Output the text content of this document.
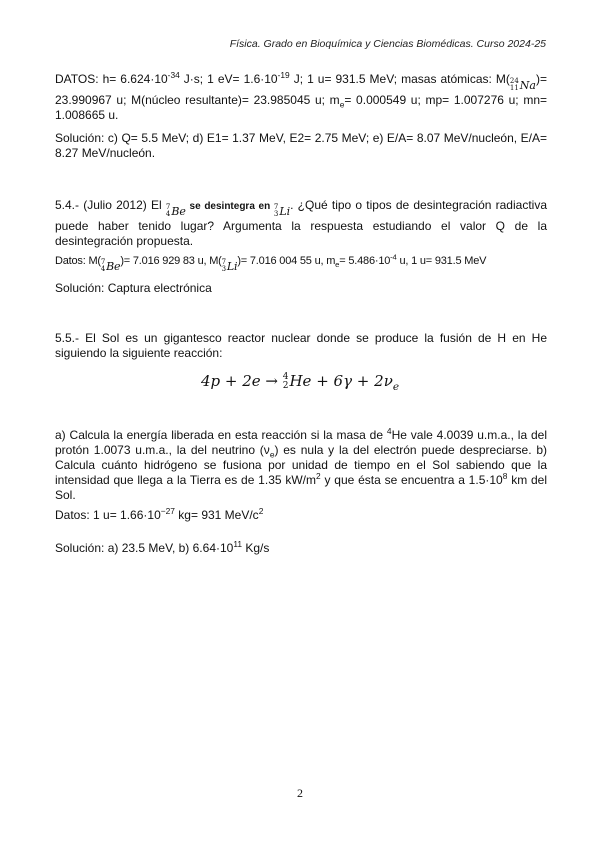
Física. Grado en Bioquímica y Ciencias Biomédicas. Curso 2024-25
DATOS: $h= 6.624\cdot 10^{-34}$ J·s; 1 $eV= 1.6\cdot 10^{-19}$ J; 1 u= 931.5 MeV; masas atómicas: M( 24
11 Na )= 23.990967 u; M(núcleo resultante)= 23.985045 u; $m_e= 0.000549$ u; mp= 1.007276 u; mn= 1.008665 u.
Solución: c) Q= 5.5 MeV; d) E1= 1.37 MeV, E2= 2.75 MeV; e) E/A= 8.07 MeV/nucleón, E/A= 8.27 MeV/nucleón.
5.4.- (Julio 2012) El 7
4 Be se desintegra en 7
3 Li . ¿Qué tipo o tipos de desintegración radiactiva puede haber tenido lugar? Argumenta la respuesta estudiando el valor Q de la desintegración propuesta.
Datos: M( 7
4 Be )= 7.016 929 83 u, M( 7
3 Li )= 7.016 004 55 u, $m_e= 5.486\cdot 10^{-4}$ u, 1 u= 931.5 MeV
Solución: Captura electrónica
5.5.- El Sol es un gigantesco reactor nuclear donde se produce la fusión de H en He siguiendo la siguiente reacción:
4p + 2e → 4
2 $He + 6\gamma + 2\nu_e$
a) Calcula la energía liberada en esta reacción si la masa de $^4$He vale 4.0039 u.m.a., la del protón 1.0073 u.m.a., la del neutrino $(\nu_e)$ es nula y la del electrón puede despreciarse. b) Calcula cuánto hidrógeno se fusiona por unidad de tiempo en el Sol sabiendo que la intensidad que llega a la Tierra es de 1.35 $kW/m^2$ y que ésta se encuentra a $1.5\cdot 10^8$ km del Sol.
Datos: 1 $u= 1.66\cdot 10^{-27}$ kg= 931 MeV/$c^2$
Solución: a) 23.5 MeV, b) $6.64\cdot 10^{11}$ Kg/s
2
